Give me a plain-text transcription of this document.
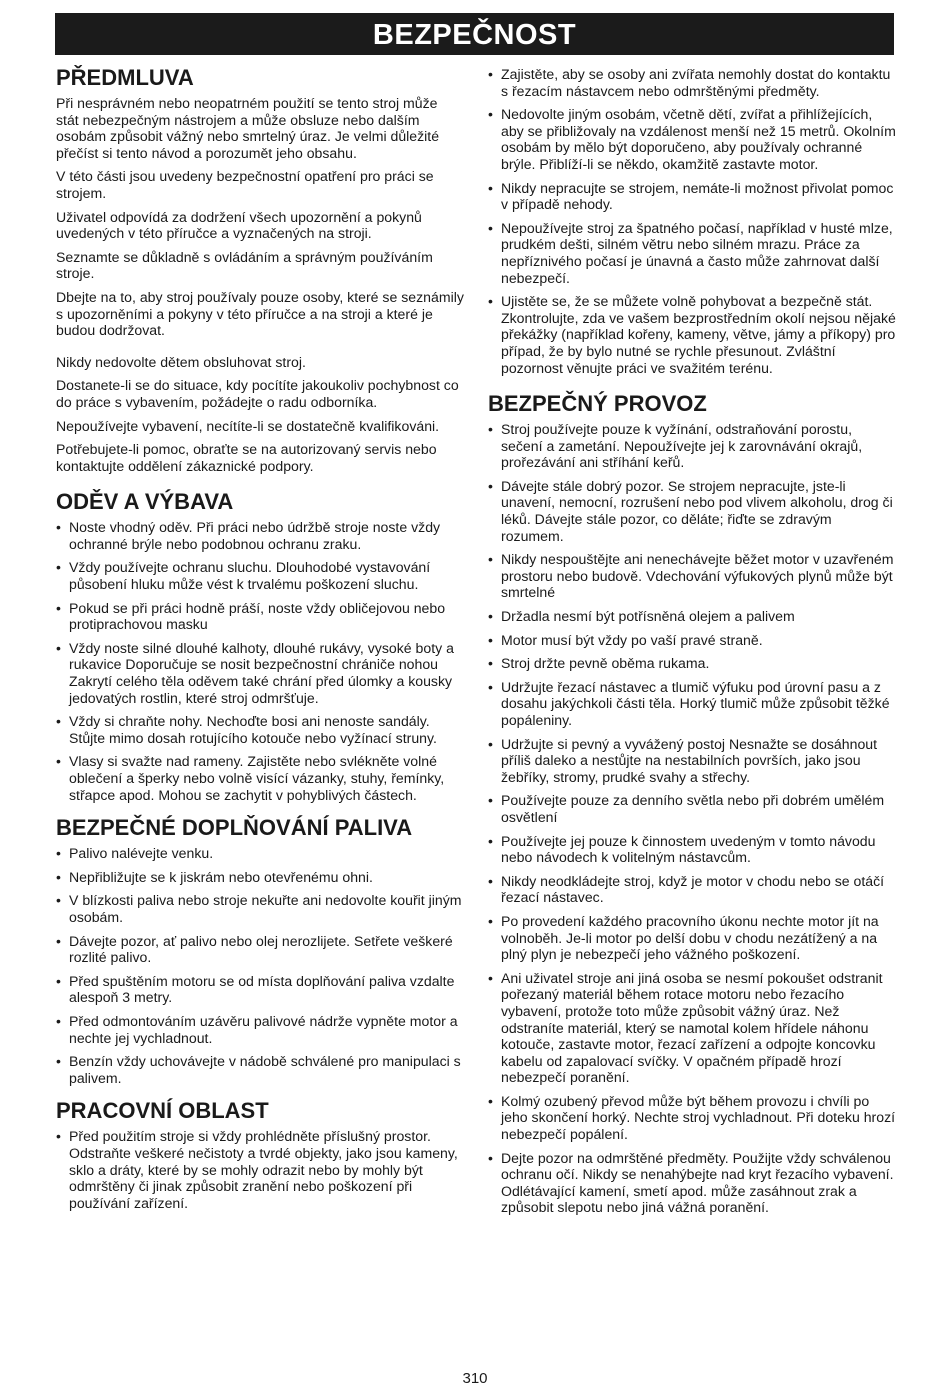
BEZPEČNOST
PŘEDMLUVA

Při nesprávném nebo neopatrném použití se tento stroj může stát nebezpečným nástrojem a může obsluze nebo dalším osobám způsobit vážný nebo smrtelný úraz. Je velmi důležité přečíst si tento návod a porozumět jeho obsahu.

V této části jsou uvedeny bezpečnostní opatření pro práci se strojem.

Uživatel odpovídá za dodržení všech upozornění a pokynů uvedených v této příručce a vyznačených na stroji.

Seznamte se důkladně s ovládáním a správným používáním stroje.

Dbejte na to, aby stroj používaly pouze osoby, které se seznámily s upozorněními a pokyny v této příručce a na stroji a které je budou dodržovat.

Nikdy nedovolte dětem obsluhovat stroj.

Dostanete-li se do situace, kdy pocítíte jakoukoliv pochybnost co do práce s vybavením, požádejte o radu odborníka.

Nepoužívejte vybavení, necítíte-li se dostatečně kvalifikováni.

Potřebujete-li pomoc, obraťte se na autorizovaný servis nebo kontaktujte oddělení zákaznické podpory.

ODĚV A VÝBAVA
• Noste vhodný oděv. Při práci nebo údržbě stroje noste vždy ochranné brýle nebo podobnou ochranu zraku.
• Vždy používejte ochranu sluchu. Dlouhodobé vystavování působení hluku může vést k trvalému poškození sluchu.
• Pokud se při práci hodně práší, noste vždy obličejovou nebo protiprachovou masku
• Vždy noste silné dlouhé kalhoty, dlouhé rukávy, vysoké boty a rukavice Doporučuje se nosit bezpečnostní chrániče nohou Zakrytí celého těla oděvem také chrání před úlomky a kousky jedovatých rostlin, které stroj odmršťuje.
• Vždy si chraňte nohy. Nechoďte bosi ani nenoste sandály. Stůjte mimo dosah rotujícího kotouče nebo vyžínací struny.
• Vlasy si svažte nad rameny. Zajistěte nebo svlékněte volné oblečení a šperky nebo volně visící vázanky, stuhy, řemínky, střapce apod. Mohou se zachytit v pohyblivých částech.
BEZPEČNÉ DOPLŇOVÁNÍ PALIVA
• Palivo nalévejte venku.
• Nepřibližujte se k jiskrám nebo otevřenému ohni.
• V blízkosti paliva nebo stroje nekuřte ani nedovolte kouřit jiným osobám.
• Dávejte pozor, ať palivo nebo olej nerozlijete. Setřete veškeré rozlité palivo.
• Před spuštěním motoru se od místa doplňování paliva vzdalte alespoň 3 metry.
• Před odmontováním uzávěru palivové nádrže vypněte motor a nechte jej vychladnout.
• Benzín vždy uchovávejte v nádobě schválené pro manipulaci s palivem.
PRACOVNÍ OBLAST
• Před použitím stroje si vždy prohlédněte příslušný prostor. Odstraňte veškeré nečistoty a tvrdé objekty, jako jsou kameny, sklo a dráty, které by se mohly odrazit nebo by mohly být odmrštěny či jinak způsobit zranění nebo poškození při používání zařízení.
• Zajistěte, aby se osoby ani zvířata nemohly dostat do kontaktu s řezacím nástavcem nebo odmrštěnými předměty.
• Nedovolte jiným osobám, včetně dětí, zvířat a přihlížejících, aby se přibližovaly na vzdálenost menší než 15 metrů. Okolním osobám by mělo být doporučeno, aby používaly ochranné brýle. Přiblíží-li se někdo, okamžitě zastavte motor.
• Nikdy nepracujte se strojem, nemáte-li možnost přivolat pomoc v případě nehody.
• Nepoužívejte stroj za špatného počasí, například v husté mlze, prudkém dešti, silném větru nebo silném mrazu. Práce za nepříznivého počasí je únavná a často může zahrnovat další nebezpečí.
• Ujistěte se, že se můžete volně pohybovat a bezpečně stát. Zkontrolujte, zda ve vašem bezprostředním okolí nejsou nějaké překážky (například kořeny, kameny, větve, jámy a příkopy) pro případ, že by bylo nutné se rychle přesunout. Zvláštní pozornost věnujte práci ve svažitém terénu.
BEZPEČNÝ PROVOZ
• Stroj používejte pouze k vyžínání, odstraňování porostu, sečení a zametání. Nepoužívejte jej k zarovnávání okrajů, prořezávání ani stříhání keřů.
• Dávejte stále dobrý pozor. Se strojem nepracujte, jste-li unavení, nemocní, rozrušení nebo pod vlivem alkoholu, drog či léků. Dávejte stále pozor, co děláte; řiďte se zdravým rozumem.
• Nikdy nespouštějte ani nenechávejte běžet motor v uzavřeném prostoru nebo budově. Vdechování výfukových plynů může být smrtelné
• Držadla nesmí být potřísněná olejem a palivem
• Motor musí být vždy po vaší pravé straně.
• Stroj držte pevně oběma rukama.
• Udržujte řezací nástavec a tlumič výfuku pod úrovní pasu a z dosahu jakýchkoli části těla. Horký tlumič může způsobit těžké popáleniny.
• Udržujte si pevný a vyvážený postoj Nesnažte se dosáhnout příliš daleko a nestůjte na nestabilních površích, jako jsou žebříky, stromy, prudké svahy a střechy.
• Používejte pouze za denního světla nebo při dobrém umělém osvětlení
• Používejte jej pouze k činnostem uvedeným v tomto návodu nebo návodech k volitelným nástavcům.
• Nikdy neodkládejte stroj, když je motor v chodu nebo se otáčí řezací nástavec.
• Po provedení každého pracovního úkonu nechte motor jít na volnoběh. Je-li motor po delší dobu v chodu nezátížený a na plný plyn je nebezpečí jeho vážného poškození.
• Ani uživatel stroje ani jiná osoba se nesmí pokoušet odstranit pořezaný materiál během rotace motoru nebo řezacího vybavení, protože toto může způsobit vážný úraz. Než odstraníte materiál, který se namotal kolem hřídele náhonu kotouče, zastavte motor, řezací zařízení a odpojte koncovku kabelu od zapalovací svíčky. V opačném případě hrozí nebezpečí poranění.
• Kolmý ozubený převod může být během provozu i chvíli po jeho skončení horký. Nechte stroj vychladnout. Při doteku hrozí nebezpečí popálení.
• Dejte pozor na odmrštěné předměty. Použijte vždy schválenou ochranu očí. Nikdy se nenahýbejte nad kryt řezacího vybavení. Odlétávající kamení, smetí apod. může zasáhnout zrak a způsobit slepotu nebo jiná vážná poranění.
310
